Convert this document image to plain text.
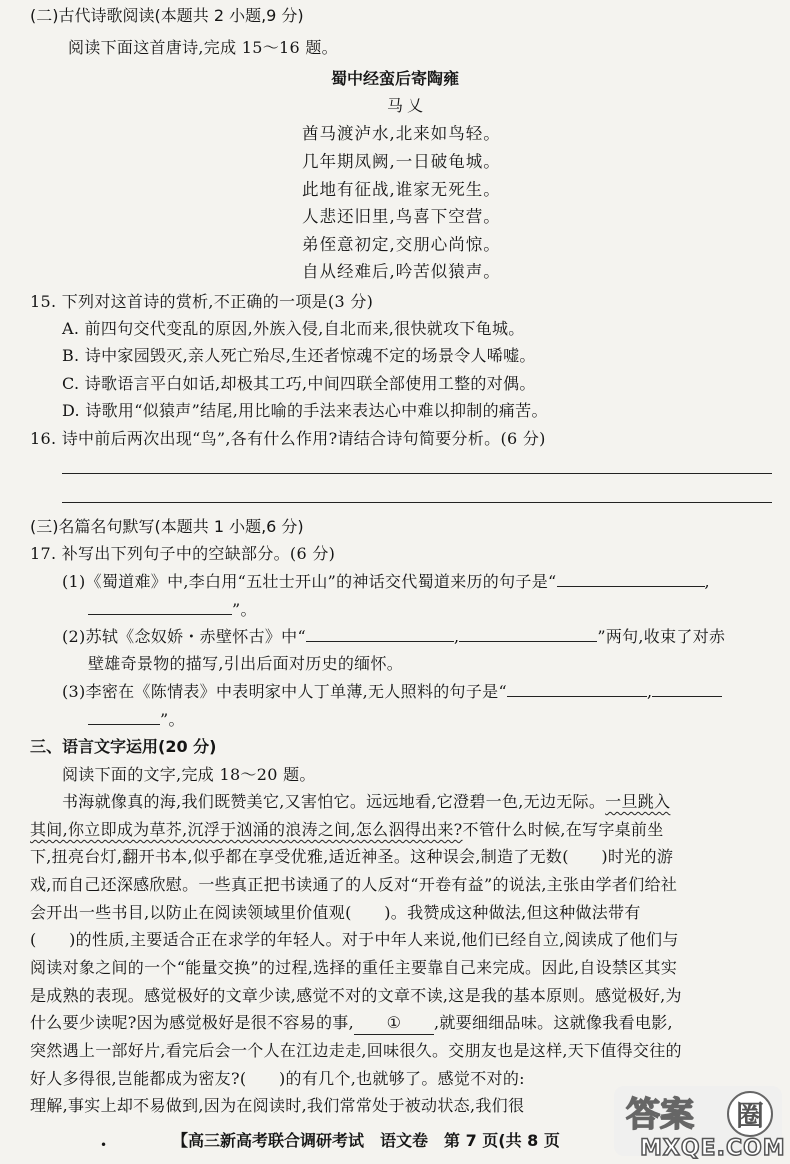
(二)古代诗歌阅读(本题共 2 小题,9 分)
阅读下面这首唐诗,完成 15～16 题。
蜀中经蛮后寄陶雍
马乂
酋马渡泸水,北来如鸟轻。
几年期凤阙,一日破龟城。
此地有征战,谁家无死生。
人悲还旧里,鸟喜下空营。
弟侄意初定,交朋心尚惊。
自从经难后,吟苦似猿声。
15. 下列对这首诗的赏析,不正确的一项是(3 分)
A. 前四句交代变乱的原因,外族入侵,自北而来,很快就攻下龟城。
B. 诗中家园毁灭,亲人死亡殆尽,生还者惊魂不定的场景令人唏嘘。
C. 诗歌语言平白如话,却极其工巧,中间四联全部使用工整的对偶。
D. 诗歌用“似猿声”结尾,用比喻的手法来表达心中难以抑制的痛苦。
16. 诗中前后两次出现“鸟”,各有什么作用?请结合诗句简要分析。(6 分)
(三)名篇名句默写(本题共 1 小题,6 分)
17. 补写出下列句子中的空缺部分。(6 分)
(1)《蜀道难》中,李白用“五壮士开山”的神话交代蜀道来历的句子是“	,
”。
(2)苏轼《念奴娇・赤壁怀古》中“	,	”两句,收束了对赤
壁雄奇景物的描写,引出后面对历史的缅怀。
(3)李密在《陈情表》中表明家中人丁单薄,无人照料的句子是“	,
”。
三、语言文字运用(20 分)
阅读下面的文字,完成 18～20 题。
书海就像真的海,我们既赞美它,又害怕它。远远地看,它澄碧一色,无边无际。一旦跳入
其间,你立即成为草芥,沉浮于汹涌的浪涛之间,怎么泅得出来?不管什么时候,在写字桌前坐
下,扭亮台灯,翻开书本,似乎都在享受优雅,适近神圣。这种误会,制造了无数(　　)时光的游
戏,而自己还深感欣慰。一些真正把书读通了的人反对“开卷有益”的说法,主张由学者们给社
会开出一些书目,以防止在阅读领域里价值观(　　)。我赞成这种做法,但这种做法带有
(　　)的性质,主要适合正在求学的年轻人。对于中年人来说,他们已经自立,阅读成了他们与
阅读对象之间的一个“能量交换”的过程,选择的重任主要靠自己来完成。因此,自设禁区其实
是成熟的表现。感觉极好的文章少读,感觉不对的文章不读,这是我的基本原则。感觉极好,为
什么要少读呢?因为感觉极好是很不容易的事, ① ,就要细细品味。这就像我看电影,
突然遇上一部好片,看完后会一个人在江边走走,回味很久。交朋友也是这样,天下值得交往的
好人多得很,岂能都成为密友?(　　)的有几个,也就够了。感觉不对的:
理解,事实上却不易做到,因为在阅读时,我们常常处于被动状态,我们很	答案 圈
MXQE.COM
•	【高三新高考联合调研考试　语文卷　第 7 页(共 8 页
